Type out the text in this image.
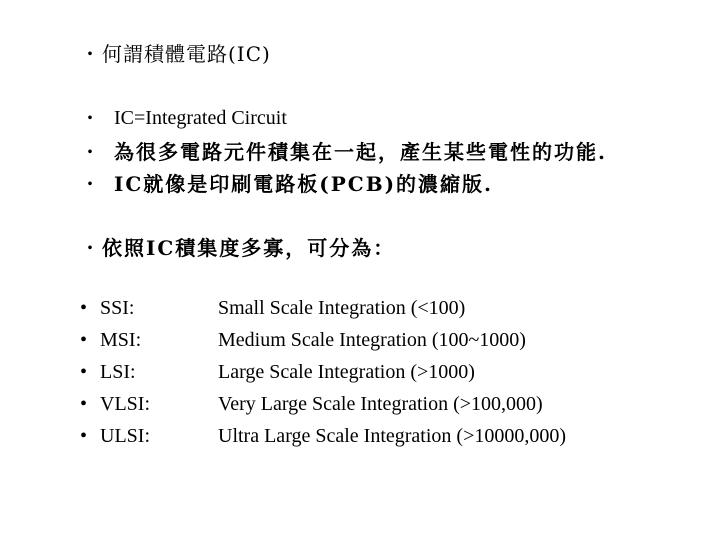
・ 何謂積體電路(IC)
・ IC=Integrated Circuit
・ 為很多電路元件積集在一起，產生某些電性的功能.
・ IC就像是印刷電路板(PCB)的濃縮版.
・ 依照IC積集度多寡，可分為：
• SSI:	Small Scale Integration (<100)
• MSI:	Medium Scale Integration (100~1000)
• LSI:	Large Scale Integration (>1000)
• VLSI:	Very Large Scale Integration (>100,000)
• ULSI:	Ultra Large Scale Integration (>10000,000)
